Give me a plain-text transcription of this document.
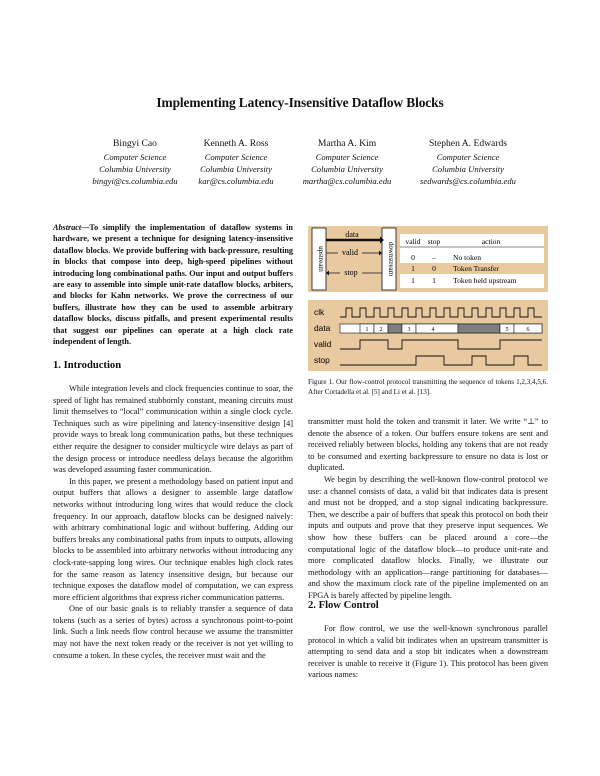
Implementing Latency-Insensitive Dataflow Blocks
Bingyi Cao
Computer Science
Columbia University
bingyi@cs.columbia.edu
Kenneth A. Ross
Computer Science
Columbia University
kar@cs.columbia.edu
Martha A. Kim
Computer Science
Columbia University
martha@cs.columbia.edu
Stephen A. Edwards
Computer Science
Columbia University
sedwards@cs.columbia.edu
Abstract—To simplify the implementation of dataflow systems in hardware, we present a technique for designing latency-insensitive dataflow blocks. We provide buffering with back-pressure, resulting in blocks that compose into deep, high-speed pipelines without introducing long combinational paths. Our input and output buffers are easy to assemble into simple unit-rate dataflow blocks, arbiters, and blocks for Kahn networks. We prove the correctness of our buffers, illustrate how they can be used to assemble arbitrary dataflow blocks, discuss pitfalls, and present experimental results that suggest our pipelines can operate at a high clock rate independent of length.
1. Introduction

While integration levels and clock frequencies continue to soar, the speed of light has remained stubbornly constant, meaning circuits must limit themselves to “local” communication within a single clock cycle. Techniques such as wire pipelining and latency-insensitive design [4] provide ways to break long communication paths, but these techniques either require the designer to consider multicycle wire delays as part of the design process or introduce needless delays because the algorithm was developed assuming faster communication.

In this paper, we present a methodology based on patient input and output buffers that allows a designer to assemble large dataflow networks without introducing long wires that would reduce the clock frequency. In our approach, dataflow blocks can be designed naïvely: with arbitrary combinational logic and without buffering. Adding our buffers breaks any combinational paths from inputs to outputs, allowing blocks to be assembled into arbitrary networks without introducing any clock-rate-sapping long wires. Our technique enables high clock rates for the same reason as latency insensitive design, but because our technique exposes the dataflow model of computation, we can express more efficient algorithms that express richer communication patterns.

One of our basic goals is to reliably transfer a sequence of data tokens (such as a series of bytes) across a synchronous point-to-point link. Such a link needs flow control because we assume the transmitter may not have the next token ready or the receiver is not yet willing to consume a token. In these cycles, the receiver must wait and the

upstream	downstream
data
valid
stop
valid stop	action
0 – No token
1 0 Token Transfer
1 1 Token held upstream
clk
data
valid
stop
1 2	3	4	5	6
Figure 1. Our flow-control protocol transmitting the sequence of tokens 1,2,3,4,5,6. After Cortadella et al. [5] and Li et al. [13].

transmitter must hold the token and transmit it later. We write “⊥” to denote the absence of a token. Our buffers ensure tokens are sent and received reliably between blocks, holding any tokens that are not ready to be consumed and exerting backpressure to ensure no data is lost or duplicated.

We begin by describing the well-known flow-control protocol we use: a channel consists of data, a valid bit that indicates data is present and must not be dropped, and a stop signal indicating backpressure. Then, we describe a pair of buffers that speak this protocol on both their inputs and outputs and prove that they preserve input sequences. We show how these buffers can be placed around a core—the computational logic of the dataflow block—to produce unit-rate and more complicated dataflow blocks. Finally, we illustrate our methodology with an application—range partitioning for databases—and show the maximum clock rate of the pipeline implemented on an FPGA is barely affected by pipeline length.

2. Flow Control

For flow control, we use the well-known synchronous parallel protocol in which a valid bit indicates when an upstream transmitter is attempting to send data and a stop bit indicates when a downstream receiver is unable to receive it (Figure 1). This protocol has been given various names:
